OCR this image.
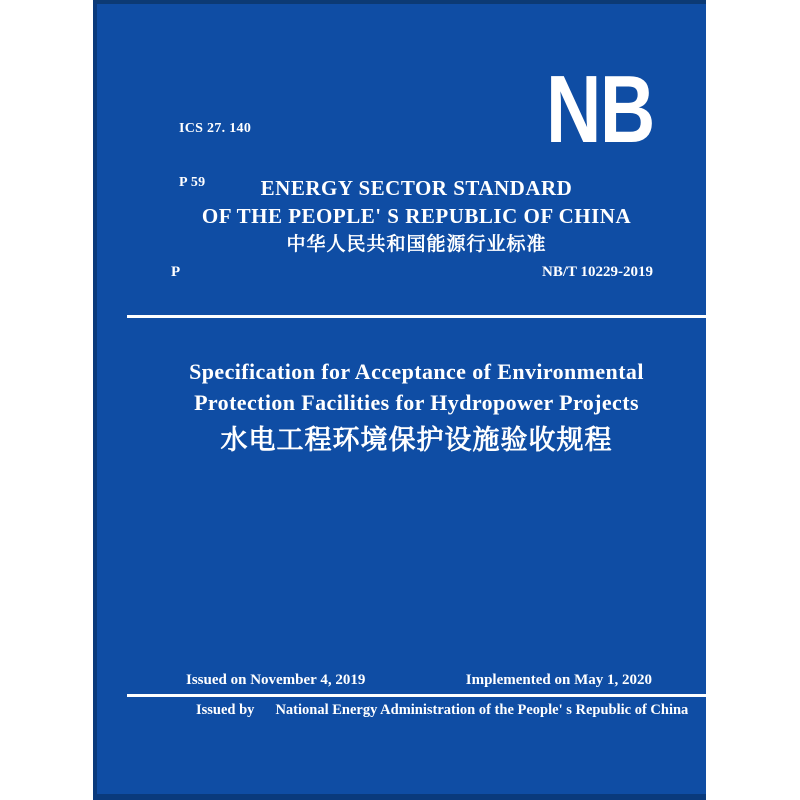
ICS 27. 140

P 59

NB
ENERGY SECTOR STANDARD
OF THE PEOPLE' S REPUBLIC OF CHINA
中华人民共和国能源行业标准
P	NB/T 10229-2019
Specification for Acceptance of Environmental
Protection Facilities for Hydropower Projects
水电工程环境保护设施验收规程
Issued on November 4, 2019	Implemented on May 1, 2020
Issued by National Energy Administration of the People' s Republic of China
